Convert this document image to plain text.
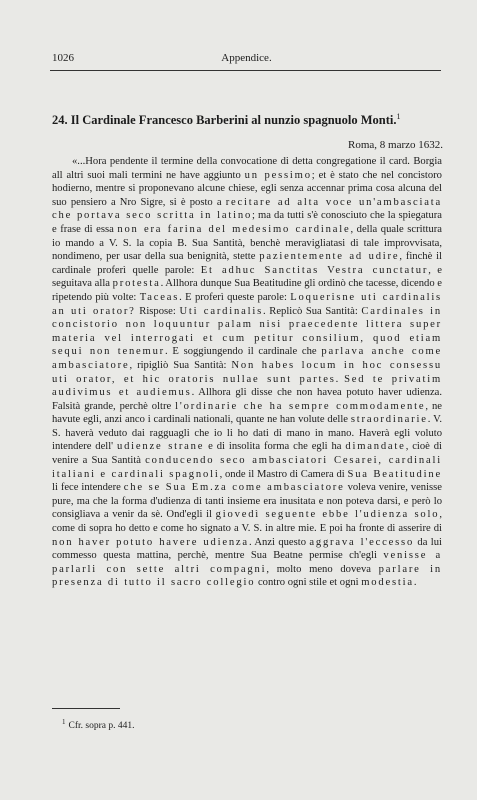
1026	Appendice.
24. Il Cardinale Francesco Barberini al nunzio spagnuolo Monti.$^1$
Roma, 8 marzo 1632.

«...Hora pendente il termine della convocatione di detta congregatione il card. Borgia all altri suoi mali termini ne have aggiunto un pessimo; et è stato che nel concistoro hodierno, mentre si proponevano alcune chiese, egli senza accennar prima cosa alcuna del suo pensiero a Nro Sigre, si è posto a recitare ad alta voce un'ambasciata che portava seco scritta in latino; ma da tutti s'è conosciuto che la spiegatura e frase di essa non era farina del medesimo cardinale, della quale scrittura io mando a V. S. la copia B. Sua Santità, benchè meravigliatasi di tale improvvisata, nondimeno, per usar della sua benignità, stette pazientemente ad udire, finchè il cardinale proferì quelle parole: Et adhuc Sanctitas Vestra cunctatur, e seguitava alla protesta. Allhora dunque Sua Beatitudine gli ordinò che tacesse, dicendo e ripetendo più volte: Taceas. E proferì queste parole: Loquerisne uti cardinalis an uti orator? Rispose: Uti cardinalis. Replicò Sua Santità: Cardinales in concistorio non loquuntur palam nisi praecedente littera super materia vel interrogati et cum petitur consilium, quod etiam sequi non tenemur. E soggiungendo il cardinale che parlava anche come ambasciatore, ripigliò Sua Santità: Non habes locum in hoc consessu uti orator, et hic oratoris nullae sunt partes. Sed te privatim audivimus et audiemus. Allhora gli disse che non havea potuto haver udienza. Falsità grande, perchè oltre l'ordinarie che ha sempre commodamente, ne havute egli, anzi anco i cardinali nationali, quante ne han volute delle straordinarie. V. S. haverà veduto dai ragguagli che io li ho dati di mano in mano. Haverà egli voluto intendere dell' udienze strane e di insolita forma che egli ha dimandate, cioè di venire a Sua Santità conducendo seco ambasciatori Cesarei, cardinali italiani e cardinali spagnoli, onde il Mastro di Camera di Sua Beatitudine li fece intendere che se Sua Em.za come ambasciatore voleva venire, venisse pure, ma che la forma d'udienza di tanti insieme era inusitata e non poteva darsi, e però lo consigliava a venir da sè. Ond'egli il giovedì seguente ebbe l'udienza solo, come di sopra ho detto e come ho signato a V. S. in altre mie. E poi ha fronte di asserire di non haver potuto havere udienza. Anzi questo aggrava l'eccesso da lui commesso questa mattina, perchè, mentre Sua Beatne permise ch'egli venisse a parlarli con sette altri compagni, molto meno doveva parlare in presenza di tutto il sacro collegio contro ogni stile et ogni modestia.

$^1$ Cfr. sopra p. 441.
